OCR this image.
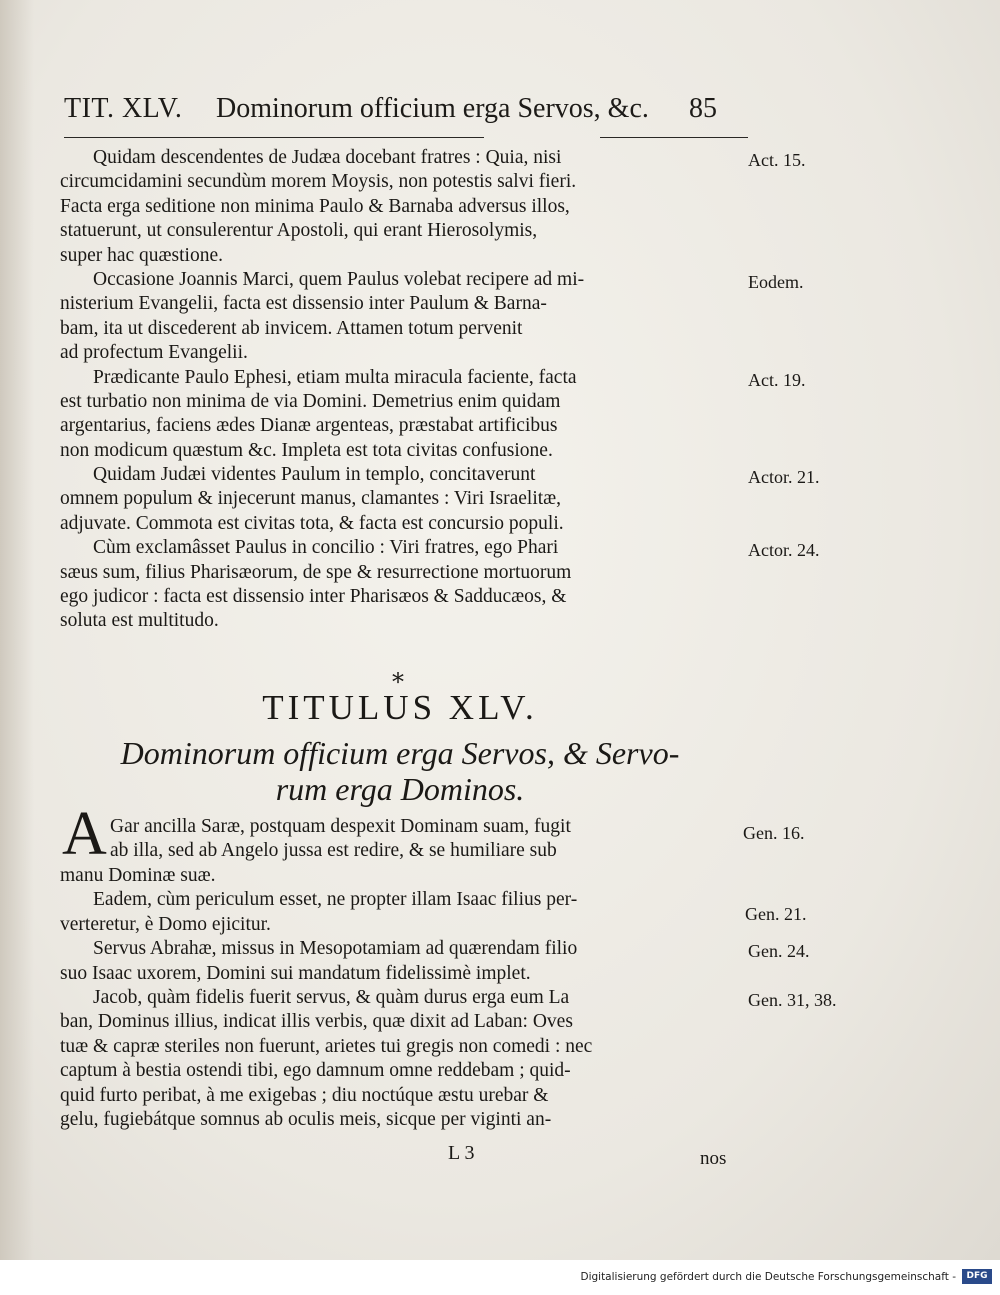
TIT. XLV. Dominorum officium erga Servos, &c. 85
Quidam descendentes de Judæa docebant fratres : Quia, nisi	Act. 15.
circumcidamini secundùm morem Moysis, non potestis salvi fieri.
Facta erga seditione non minima Paulo & Barnaba adversus illos,
statuerunt, ut consulerentur Apostoli, qui erant Hierosolymis,
super hac quæstione.
Occasione Joannis Marci, quem Paulus volebat recipere ad mi-	Eodem.
nisterium Evangelii, facta est dissensio inter Paulum & Barna-
bam, ita ut discederent ab invicem. Attamen totum pervenit
ad profectum Evangelii.
Prædicante Paulo Ephesi, etiam multa miracula faciente, facta	Act. 19.
est turbatio non minima de via Domini. Demetrius enim quidam
argentarius, faciens ædes Dianæ argenteas, præstabat artificibus
non modicum quæstum &c. Impleta est tota civitas confusione.
Quidam Judæi videntes Paulum in templo, concitaverunt	Actor. 21.
omnem populum & injecerunt manus, clamantes : Viri Israelitæ,
adjuvate. Commota est civitas tota, & facta est concursio populi.
Cùm exclamâsset Paulus in concilio : Viri fratres, ego Phari	Actor. 24.
sæus sum, filius Pharisæorum, de spe & resurrectione mortuorum
ego judicor : facta est dissensio inter Pharisæos & Sadducæos, &
soluta est multitudo.
*
TITULUS XLV.
Dominorum officium erga Servos, & Servo-
rum erga Dominos.
A Gar ancilla Saræ, postquam despexit Dominam suam, fugit
ab illa, sed ab Angelo jussa est redire, & se humiliare sub
Gen. 16.
Gen. 21.
manu Dominæ suæ.
Eadem, cùm periculum esset, ne propter illam Isaac filius per-
verteretur, è Domo ejicitur.
Servus Abrahæ, missus in Mesopotamiam ad quærendam filio	Gen. 24.
suo Isaac uxorem, Domini sui mandatum fidelissimè implet.
Jacob, quàm fidelis fuerit servus, & quàm durus erga eum La	Gen. 31, 38.
ban, Dominus illius, indicat illis verbis, quæ dixit ad Laban: Oves
tuæ & capræ steriles non fuerunt, arietes tui gregis non comedi : nec
captum à bestia ostendi tibi, ego damnum omne reddebam ; quid-
quid furto peribat, à me exigebas ; diu noctúque æstu urebar &
gelu, fugiebátque somnus ab oculis meis, sicque per viginti an-
L 3	nos
Digitalisierung gefördert durch die Deutsche Forschungsgemeinschaft -	DFG
